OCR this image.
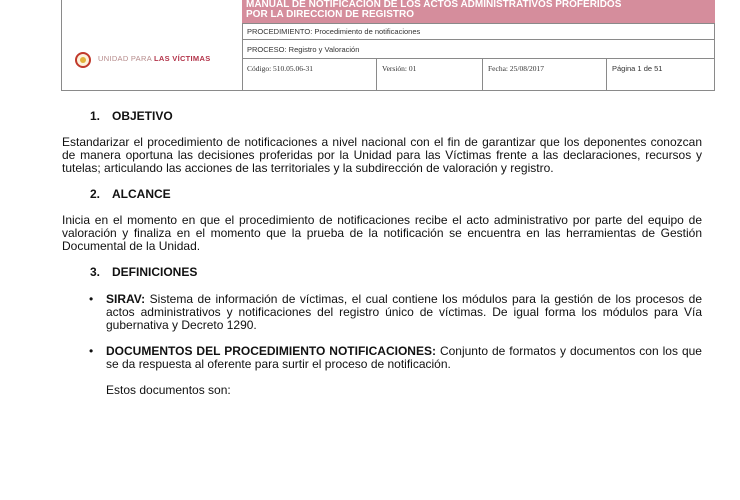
UNIDAD PARA LAS VÍCTIMAS
MANUAL DE NOTIFICACIÓN DE LOS ACTOS ADMINISTRATIVOS PROFERIDOS
POR LA DIRECCION DE REGISTRO
PROCEDIMIENTO: Procedimiento de notificaciones
PROCESO: Registro y Valoración
Código: 510.05.06-31	Versión: 01	Fecha: 25/08/2017	Página 1 de 51
1. OBJETIVO

Estandarizar el procedimiento de notificaciones a nivel nacional con el fin de garantizar que los deponentes conozcan de manera oportuna las decisiones proferidas por la Unidad para las Víctimas frente a las declaraciones, recursos y tutelas; articulando las acciones de las territoriales y la subdirección de valoración y registro.

2. ALCANCE

Inicia en el momento en que el procedimiento de notificaciones recibe el acto administrativo por parte del equipo de valoración y finaliza en el momento que la prueba de la notificación se encuentra en las herramientas de Gestión Documental de la Unidad.

3. DEFINICIONES
• SIRAV: Sistema de información de víctimas, el cual contiene los módulos para la gestión de los procesos de actos administrativos y notificaciones del registro único de víctimas. De igual forma los módulos para Vía gubernativa y Decreto 1290.
• DOCUMENTOS DEL PROCEDIMIENTO NOTIFICACIONES: Conjunto de formatos y documentos con los que se da respuesta al oferente para surtir el proceso de notificación.

Estos documentos son:
